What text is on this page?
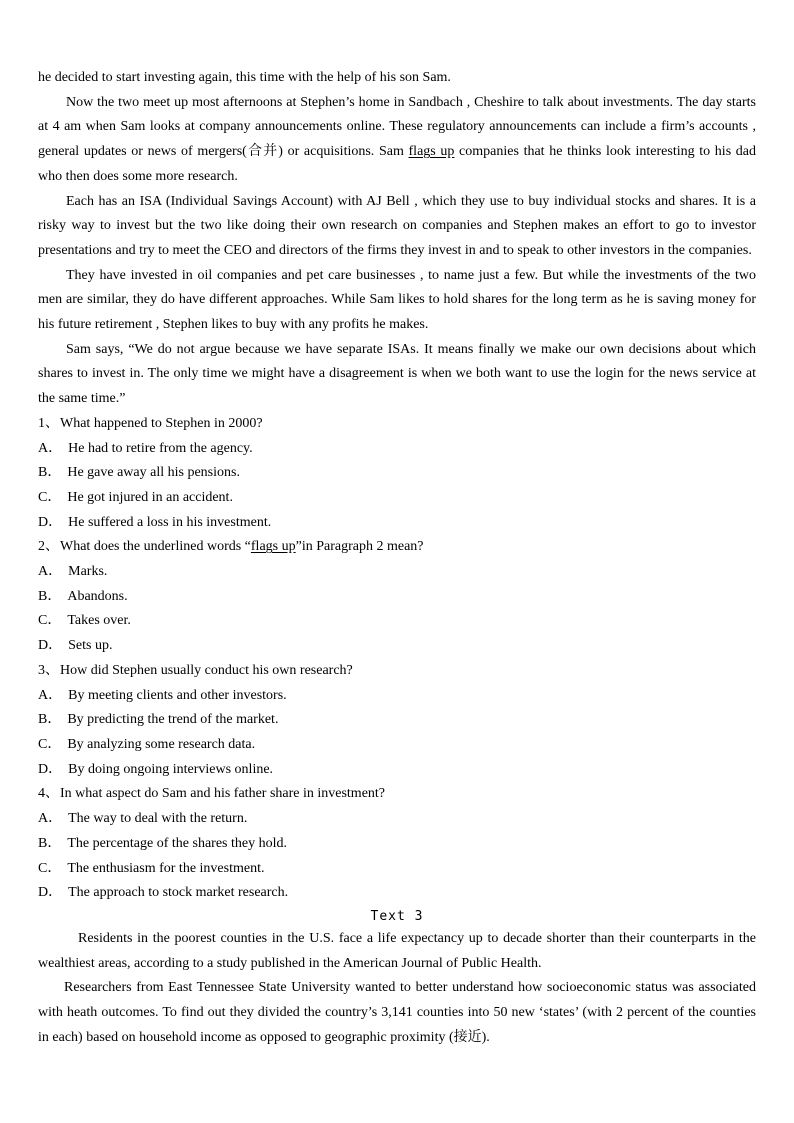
he decided to start investing again, this time with the help of his son Sam.

Now the two meet up most afternoons at Stephen’s home in Sandbach , Cheshire to talk about investments. The day starts at 4 am when Sam looks at company announcements online. These regulatory announcements can include a firm’s accounts , general updates or news of mergers(合并) or acquisitions. Sam flags up companies that he thinks look interesting to his dad who then does some more research.

Each has an ISA (Individual Savings Account) with AJ Bell , which they use to buy individual stocks and shares. It is a risky way to invest but the two like doing their own research on companies and Stephen makes an effort to go to investor presentations and try to meet the CEO and directors of the firms they invest in and to speak to other investors in the companies.

They have invested in oil companies and pet care businesses , to name just a few. But while the investments of the two men are similar, they do have different approaches. While Sam likes to hold shares for the long term as he is saving money for his future retirement , Stephen likes to buy with any profits he makes.

Sam says, “We do not argue because we have separate ISAs. It means finally we make our own decisions about which shares to invest in. The only time we might have a disagreement is when we both want to use the login for the news service at the same time.”

1、What happened to Stephen in 2000?

A． He had to retire from the agency.

B． He gave away all his pensions.

C． He got injured in an accident.

D． He suffered a loss in his investment.

2、What does the underlined words “flags up”in Paragraph 2 mean?

A． Marks.

B． Abandons.

C． Takes over.

D． Sets up.

3、How did Stephen usually conduct his own research?

A． By meeting clients and other investors.

B． By predicting the trend of the market.

C． By analyzing some research data.

D． By doing ongoing interviews online.

4、In what aspect do Sam and his father share in investment?

A． The way to deal with the return.

B． The percentage of the shares they hold.

C． The enthusiasm for the investment.

D． The approach to stock market research.

Text 3

Residents in the poorest counties in the U.S. face a life expectancy up to decade shorter than their counterparts in the wealthiest areas, according to a study published in the American Journal of Public Health.

Researchers from East Tennessee State University wanted to better understand how socioeconomic status was associated with heath outcomes. To find out they divided the country’s 3,141 counties into 50 new ‘states’ (with 2 percent of the counties in each) based on household income as opposed to geographic proximity (接近).
